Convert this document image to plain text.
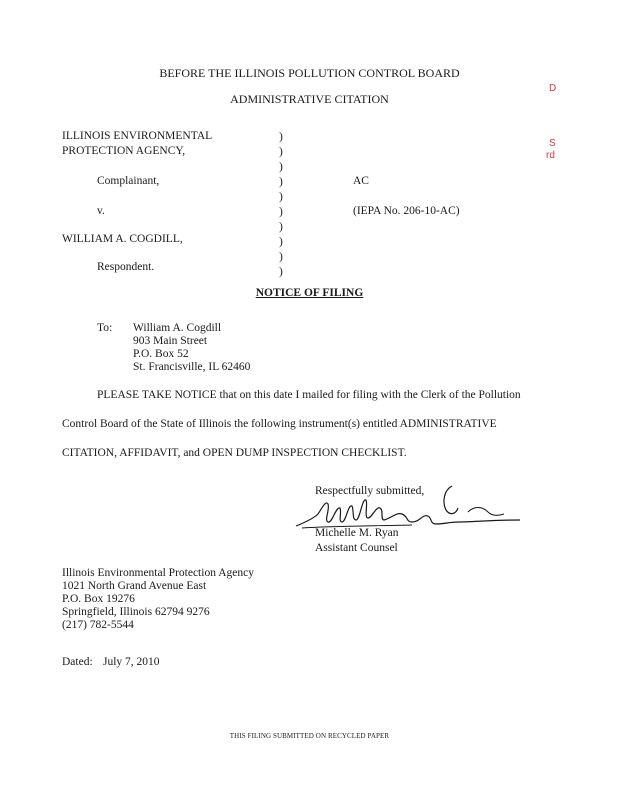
BEFORE THE ILLINOIS POLLUTION CONTROL BOARD
ADMINISTRATIVE CITATION
D
S
rd
ILLINOIS ENVIRONMENTAL
PROTECTION AGENCY,
Complainant,
v.
WILLIAM A. COGDILL,
Respondent.
)
)
)
)
)
)
)
)
)
)
AC
(IEPA No. 206-10-AC)
NOTICE OF FILING
To: William A. Cogdill
903 Main Street
P.O. Box 52
St. Francisville, IL 62460
PLEASE TAKE NOTICE that on this date I mailed for filing with the Clerk of the Pollution
Control Board of the State of Illinois the following instrument(s) entitled ADMINISTRATIVE
CITATION, AFFIDAVIT, and OPEN DUMP INSPECTION CHECKLIST.
Respectfully submitted,
Michelle M. Ryan
Assistant Counsel
Illinois Environmental Protection Agency
1021 North Grand Avenue East
P.O. Box 19276
Springfield, Illinois 62794 9276
(217) 782-5544
Dated: July 7, 2010
THIS FILING SUBMITTED ON RECYCLED PAPER
